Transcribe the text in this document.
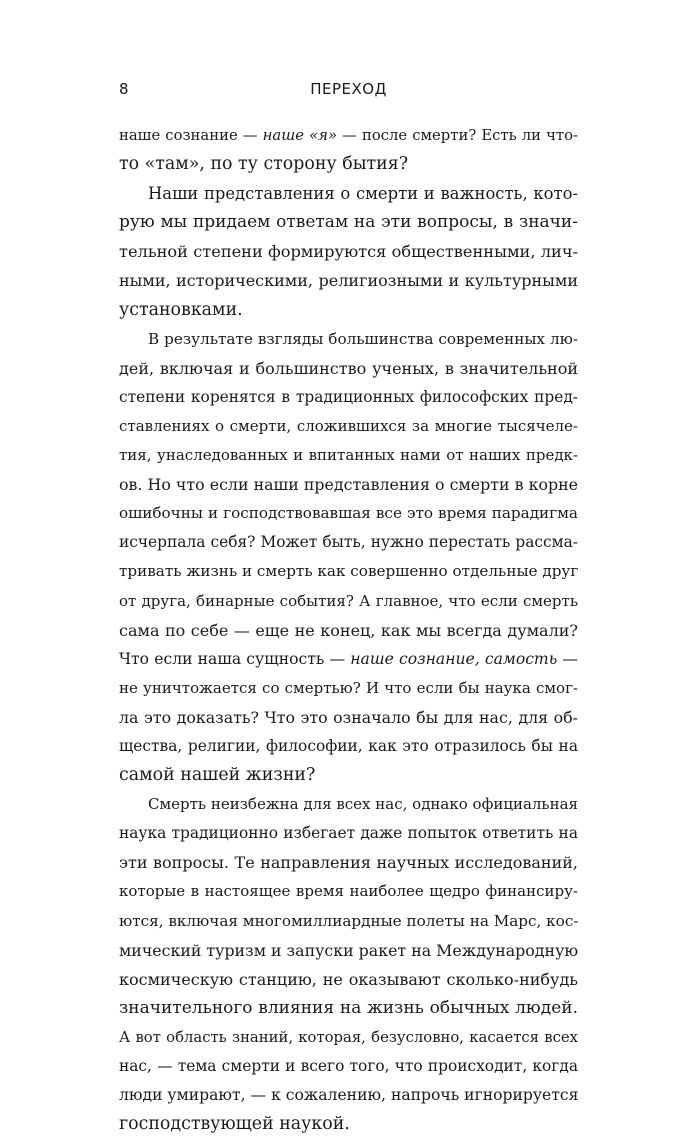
8	ПЕРЕХОД
наше сознание — наше «я» — после смерти? Есть ли что-
то «там», по ту сторону бытия?
Наши представления о смерти и важность, кото-
рую мы придаем ответам на эти вопросы, в значи-
тельной степени формируются общественными, лич-
ными, историческими, религиозными и культурными
установками.
В результате взгляды большинства современных лю-
дей, включая и большинство ученых, в значительной
степени коренятся в традиционных философских пред-
ставлениях о смерти, сложившихся за многие тысячеле-
тия, унаследованных и впитанных нами от наших предк-
ов. Но что если наши представления о смерти в корне
ошибочны и господствовавшая все это время парадигма
исчерпала себя? Может быть, нужно перестать рассма-
тривать жизнь и смерть как совершенно отдельные друг
от друга, бинарные события? А главное, что если смерть
сама по себе — еще не конец, как мы всегда думали?
Что если наша сущность — наше сознание, самость —
не уничтожается со смертью? И что если бы наука смог-
ла это доказать? Что это означало бы для нас, для об-
щества, религии, философии, как это отразилось бы на
самой нашей жизни?
Смерть неизбежна для всех нас, однако официальная
наука традиционно избегает даже попыток ответить на
эти вопросы. Те направления научных исследований,
которые в настоящее время наиболее щедро финансиру-
ются, включая многомиллиардные полеты на Марс, кос-
мический туризм и запуски ракет на Международную
космическую станцию, не оказывают сколько-нибудь
значительного влияния на жизнь обычных людей.
А вот область знаний, которая, безусловно, касается всех
нас, — тема смерти и всего того, что происходит, когда
люди умирают, — к сожалению, напрочь игнорируется
господствующей наукой.
